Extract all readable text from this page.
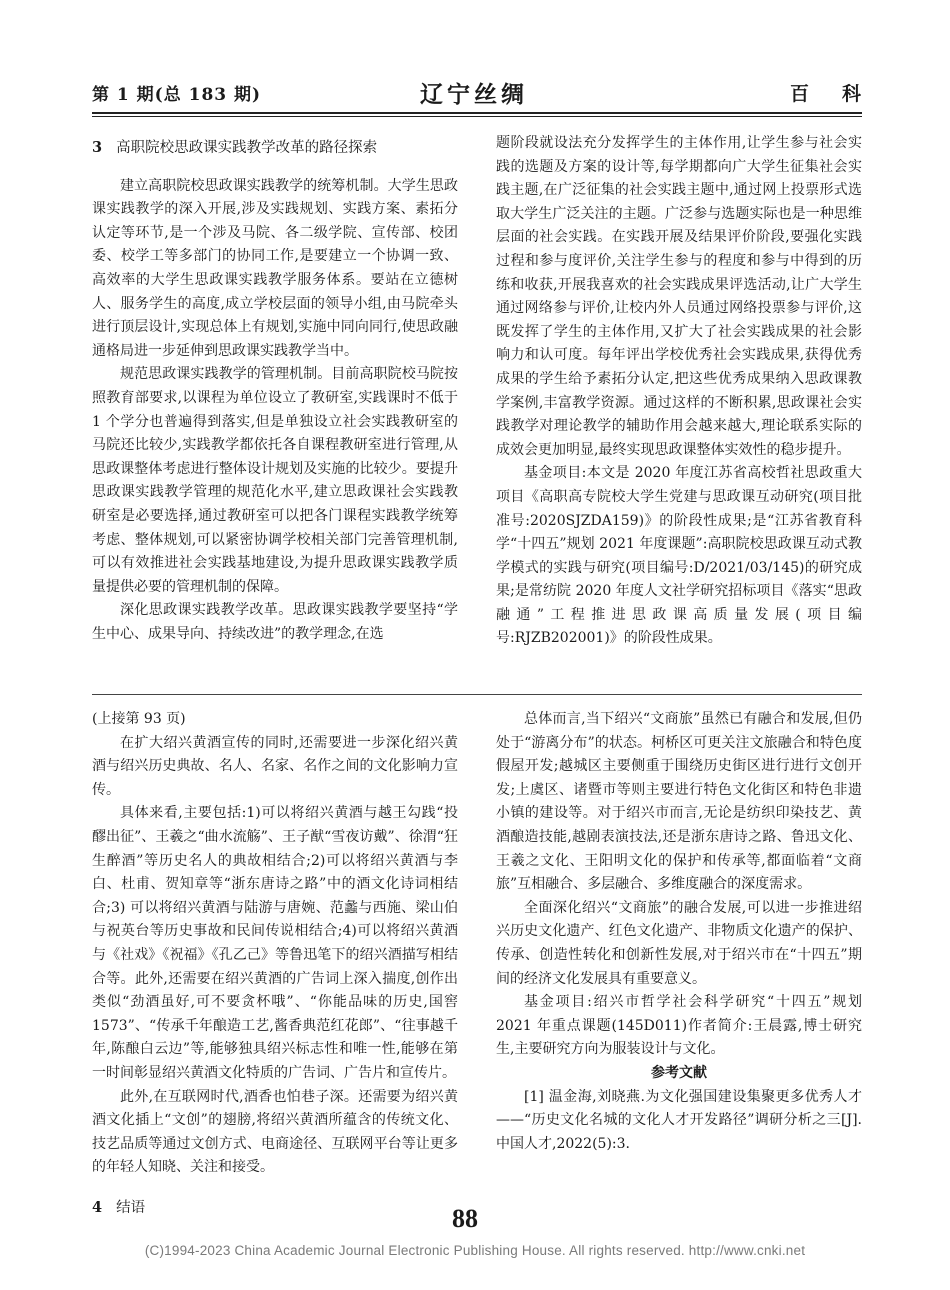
第 1 期(总 183 期)	辽宁丝绸	百 科
3 高职院校思政课实践教学改革的路径探索

建立高职院校思政课实践教学的统筹机制。大学生思政课实践教学的深入开展,涉及实践规划、实践方案、素拓分认定等环节,是一个涉及马院、各二级学院、宣传部、校团委、校学工等多部门的协同工作,是要建立一个协调一致、高效率的大学生思政课实践教学服务体系。要站在立德树人、服务学生的高度,成立学校层面的领导小组,由马院牵头进行顶层设计,实现总体上有规划,实施中同向同行,使思政融通格局进一步延伸到思政课实践教学当中。

规范思政课实践教学的管理机制。目前高职院校马院按照教育部要求,以课程为单位设立了教研室,实践课时不低于 1 个学分也普遍得到落实,但是单独设立社会实践教研室的马院还比较少,实践教学都依托各自课程教研室进行管理,从思政课整体考虑进行整体设计规划及实施的比较少。要提升思政课实践教学管理的规范化水平,建立思政课社会实践教研室是必要选择,通过教研室可以把各门课程实践教学统筹考虑、整体规划,可以紧密协调学校相关部门完善管理机制,可以有效推进社会实践基地建设,为提升思政课实践教学质量提供必要的管理机制的保障。

深化思政课实践教学改革。思政课实践教学要坚持“学生中心、成果导向、持续改进”的教学理念,在选

题阶段就设法充分发挥学生的主体作用,让学生参与社会实践的选题及方案的设计等,每学期都向广大学生征集社会实践主题,在广泛征集的社会实践主题中,通过网上投票形式选取大学生广泛关注的主题。广泛参与选题实际也是一种思维层面的社会实践。在实践开展及结果评价阶段,要强化实践过程和参与度评价,关注学生参与的程度和参与中得到的历练和收获,开展我喜欢的社会实践成果评选活动,让广大学生通过网络参与评价,让校内外人员通过网络投票参与评价,这既发挥了学生的主体作用,又扩大了社会实践成果的社会影响力和认可度。每年评出学校优秀社会实践成果,获得优秀成果的学生给予素拓分认定,把这些优秀成果纳入思政课教学案例,丰富教学资源。通过这样的不断积累,思政课社会实践教学对理论教学的辅助作用会越来越大,理论联系实际的成效会更加明显,最终实现思政课整体实效性的稳步提升。

基金项目:本文是 2020 年度江苏省高校哲社思政重大项目《高职高专院校大学生党建与思政课互动研究(项目批准号:2020SJZDA159)》的阶段性成果;是“江苏省教育科学“十四五”规划 2021 年度课题”:高职院校思政课互动式教学模式的实践与研究(项目编号:D/2021/03/145)的研究成果;是常纺院 2020 年度人文社学研究招标项目《落实“思政融通”工程推进思政课高质量发展(项目编号:RJZB202001)》的阶段性成果。

(上接第 93 页)

在扩大绍兴黄酒宣传的同时,还需要进一步深化绍兴黄酒与绍兴历史典故、名人、名家、名作之间的文化影响力宣传。

具体来看,主要包括:1)可以将绍兴黄酒与越王勾践“投醪出征”、王羲之“曲水流觞”、王子猷“雪夜访戴”、徐渭“狂生醉酒”等历史名人的典故相结合;2)可以将绍兴黄酒与李白、杜甫、贺知章等“浙东唐诗之路”中的酒文化诗词相结合;3) 可以将绍兴黄酒与陆游与唐婉、范蠡与西施、梁山伯与祝英台等历史事故和民间传说相结合;4)可以将绍兴黄酒与《社戏》《祝福》《孔乙己》等鲁迅笔下的绍兴酒描写相结合等。此外,还需要在绍兴黄酒的广告词上深入揣度,创作出类似“劲酒虽好,可不要贪杯哦”、“你能品味的历史,国窖 1573”、“传承千年酿造工艺,酱香典范红花郎”、“往事越千年,陈酿白云边”等,能够独具绍兴标志性和唯一性,能够在第一时间彰显绍兴黄酒文化特质的广告词、广告片和宣传片。

此外,在互联网时代,酒香也怕巷子深。还需要为绍兴黄酒文化插上“文创”的翅膀,将绍兴黄酒所蕴含的传统文化、技艺品质等通过文创方式、电商途径、互联网平台等让更多的年轻人知晓、关注和接受。

4 结语

总体而言,当下绍兴“文商旅”虽然已有融合和发展,但仍处于“游离分布”的状态。柯桥区可更关注文旅融合和特色度假屋开发;越城区主要侧重于围绕历史街区进行进行文创开发;上虞区、诸暨市等则主要进行特色文化街区和特色非遗小镇的建设等。对于绍兴市而言,无论是纺织印染技艺、黄酒酿造技能,越剧表演技法,还是浙东唐诗之路、鲁迅文化、王羲之文化、王阳明文化的保护和传承等,都面临着“文商旅”互相融合、多层融合、多维度融合的深度需求。

全面深化绍兴“文商旅”的融合发展,可以进一步推进绍兴历史文化遗产、红色文化遗产、非物质文化遗产的保护、传承、创造性转化和创新性发展,对于绍兴市在“十四五”期间的经济文化发展具有重要意义。

基金项目:绍兴市哲学社会科学研究“十四五”规划 2021 年重点课题(145D011)作者简介:王晨露,博士研究生,主要研究方向为服装设计与文化。

参考文献

[1] 温金海,刘晓燕.为文化强国建设集聚更多优秀人才——“历史文化名城的文化人才开发路径”调研分析之三[J].中国人才,2022(5):3.

88
(C)1994-2023 China Academic Journal Electronic Publishing House. All rights reserved. http://www.cnki.net
